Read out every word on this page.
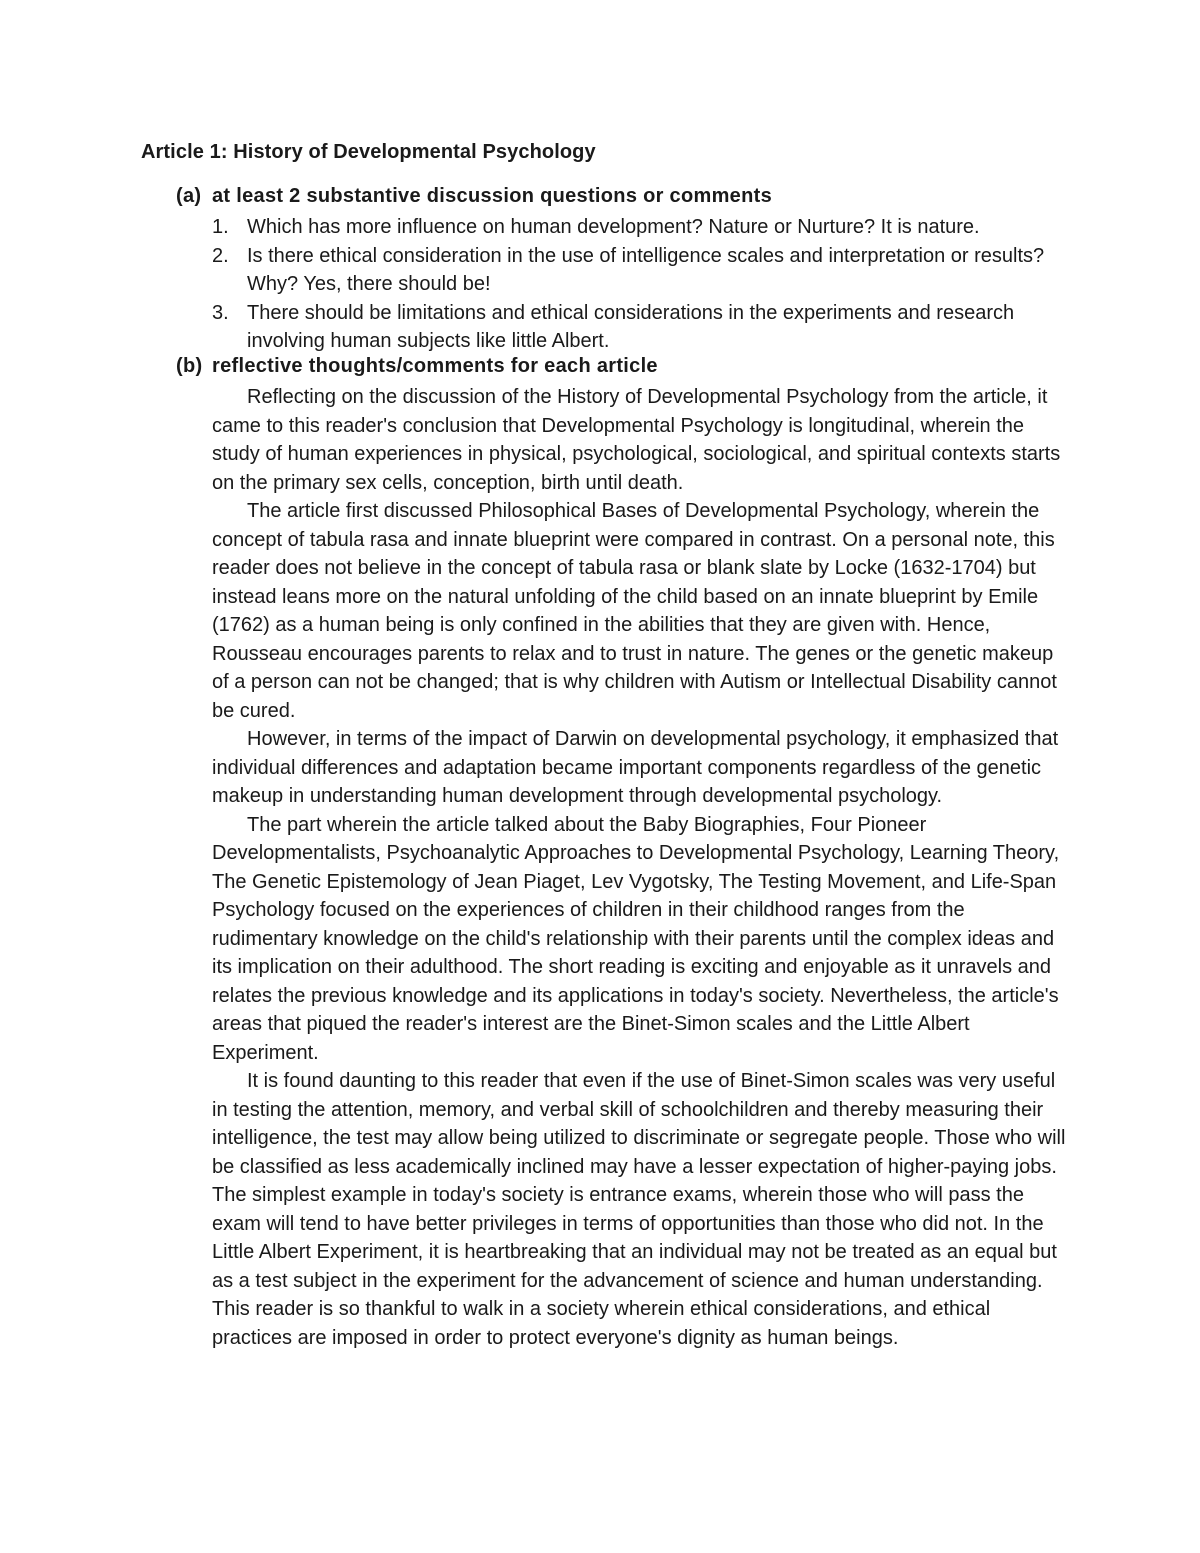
Article 1: History of Developmental Psychology
(a) at least 2 substantive discussion questions or comments
1. Which has more influence on human development? Nature or Nurture? It is nature.
2. Is there ethical consideration in the use of intelligence scales and interpretation or results? Why? Yes, there should be!
3. There should be limitations and ethical considerations in the experiments and research involving human subjects like little Albert.
(b) reflective thoughts/comments for each article

Reflecting on the discussion of the History of Developmental Psychology from the article, it came to this reader's conclusion that Developmental Psychology is longitudinal, wherein the study of human experiences in physical, psychological, sociological, and spiritual contexts starts on the primary sex cells, conception, birth until death.

The article first discussed Philosophical Bases of Developmental Psychology, wherein the concept of tabula rasa and innate blueprint were compared in contrast. On a personal note, this reader does not believe in the concept of tabula rasa or blank slate by Locke (1632-1704) but instead leans more on the natural unfolding of the child based on an innate blueprint by Emile (1762) as a human being is only confined in the abilities that they are given with. Hence, Rousseau encourages parents to relax and to trust in nature. The genes or the genetic makeup of a person can not be changed; that is why children with Autism or Intellectual Disability cannot be cured.

However, in terms of the impact of Darwin on developmental psychology, it emphasized that individual differences and adaptation became important components regardless of the genetic makeup in understanding human development through developmental psychology.

The part wherein the article talked about the Baby Biographies, Four Pioneer Developmentalists, Psychoanalytic Approaches to Developmental Psychology, Learning Theory, The Genetic Epistemology of Jean Piaget, Lev Vygotsky, The Testing Movement, and Life-Span Psychology focused on the experiences of children in their childhood ranges from the rudimentary knowledge on the child's relationship with their parents until the complex ideas and its implication on their adulthood. The short reading is exciting and enjoyable as it unravels and relates the previous knowledge and its applications in today's society. Nevertheless, the article's areas that piqued the reader's interest are the Binet-Simon scales and the Little Albert Experiment.

It is found daunting to this reader that even if the use of Binet-Simon scales was very useful in testing the attention, memory, and verbal skill of schoolchildren and thereby measuring their intelligence, the test may allow being utilized to discriminate or segregate people. Those who will be classified as less academically inclined may have a lesser expectation of higher-paying jobs. The simplest example in today's society is entrance exams, wherein those who will pass the exam will tend to have better privileges in terms of opportunities than those who did not. In the Little Albert Experiment, it is heartbreaking that an individual may not be treated as an equal but as a test subject in the experiment for the advancement of science and human understanding. This reader is so thankful to walk in a society wherein ethical considerations, and ethical practices are imposed in order to protect everyone's dignity as human beings.
